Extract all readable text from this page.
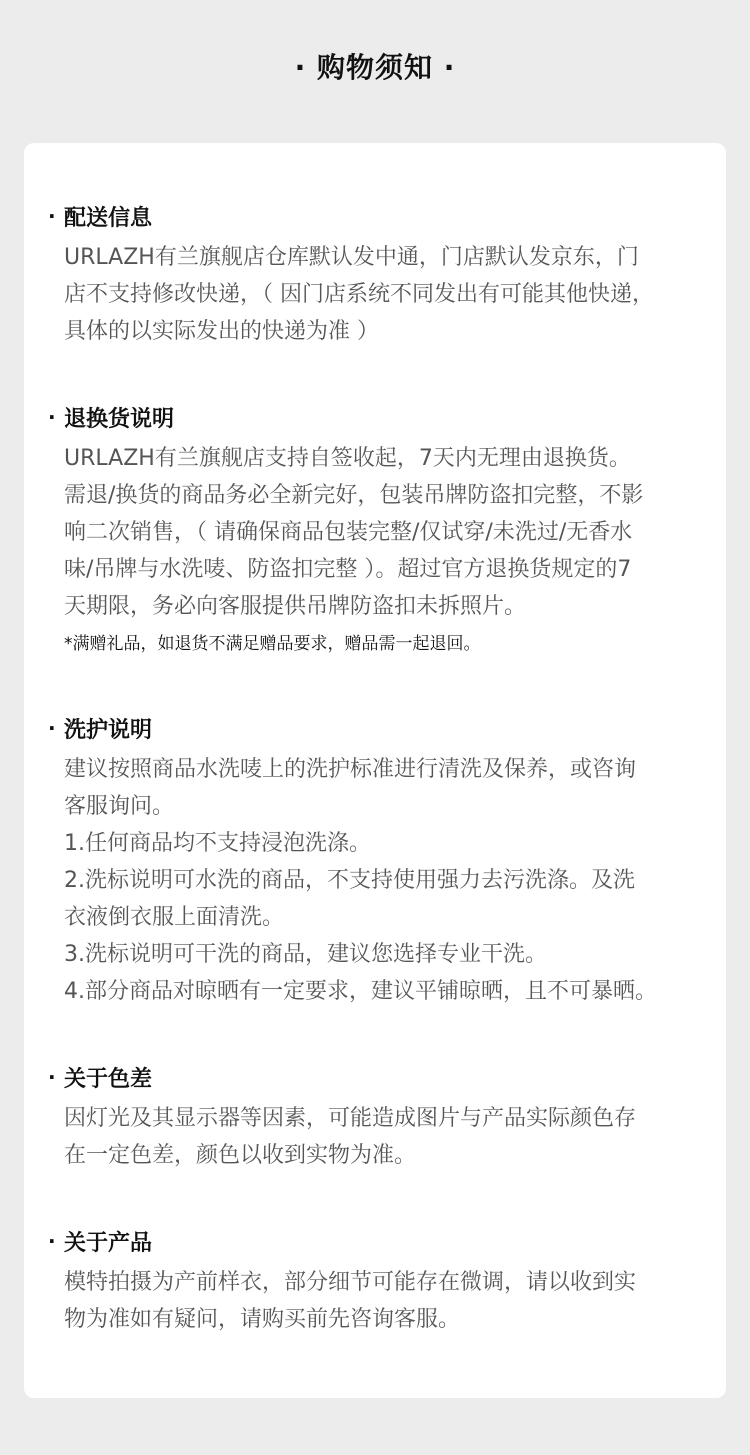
· 购物须知 ·
· 配送信息
URLAZH有兰旗舰店仓库默认发中通，门店默认发京东，门
店不支持修改快递，（ 因门店系统不同发出有可能其他快递，
具体的以实际发出的快递为准 ）
· 退换货说明
URLAZH有兰旗舰店支持自签收起，7天内无理由退换货。
需退/换货的商品务必全新完好，包装吊牌防盗扣完整，不影
响二次销售，（ 请确保商品包装完整/仅试穿/未洗过/无香水
味/吊牌与水洗唛、防盗扣完整 ）。超过官方退换货规定的7
天期限，务必向客服提供吊牌防盗扣未拆照片。
*满赠礼品，如退货不满足赠品要求，赠品需一起退回。
· 洗护说明
建议按照商品水洗唛上的洗护标准进行清洗及保养，或咨询
客服询问。
1.任何商品均不支持浸泡洗涤。
2.洗标说明可水洗的商品，不支持使用强力去污洗涤。及洗
衣液倒衣服上面清洗。
3.洗标说明可干洗的商品，建议您选择专业干洗。
4.部分商品对晾晒有一定要求，建议平铺晾晒，且不可暴晒。
· 关于色差
因灯光及其显示器等因素，可能造成图片与产品实际颜色存
在一定色差，颜色以收到实物为准。
· 关于产品
模特拍摄为产前样衣，部分细节可能存在微调，请以收到实
物为准如有疑问，请购买前先咨询客服。
